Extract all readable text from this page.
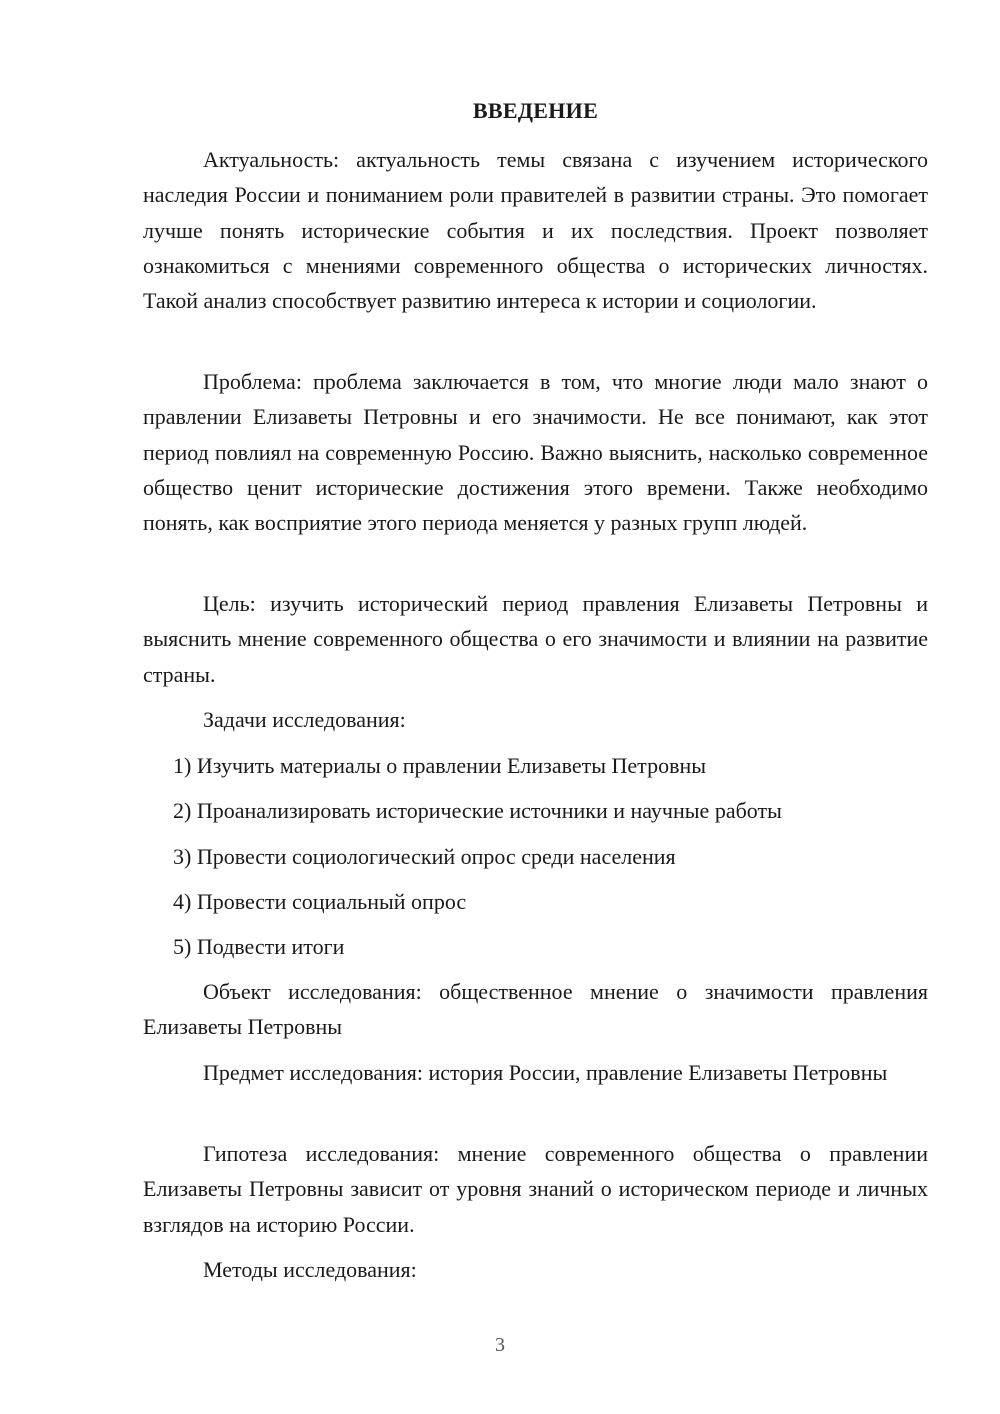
ВВЕДЕНИЕ

Актуальность: актуальность темы связана с изучением исторического наследия России и пониманием роли правителей в развитии страны. Это помогает лучше понять исторические события и их последствия. Проект позволяет ознакомиться с мнениями современного общества о исторических личностях. Такой анализ способствует развитию интереса к истории и социологии.

Проблема: проблема заключается в том, что многие люди мало знают о правлении Елизаветы Петровны и его значимости. Не все понимают, как этот период повлиял на современную Россию. Важно выяснить, насколько современное общество ценит исторические достижения этого времени. Также необходимо понять, как восприятие этого периода меняется у разных групп людей.

Цель: изучить исторический период правления Елизаветы Петровны и выяснить мнение современного общества о его значимости и влиянии на развитие страны.

Задачи исследования:

1) Изучить материалы о правлении Елизаветы Петровны
2) Проанализировать исторические источники и научные работы
3) Провести социологический опрос среди населения
4) Провести социальный опрос
5) Подвести итоги

Объект исследования: общественное мнение о значимости правления Елизаветы Петровны

Предмет исследования: история России, правление Елизаветы Петровны

Гипотеза исследования: мнение современного общества о правлении Елизаветы Петровны зависит от уровня знаний о историческом периоде и личных взглядов на историю России.

Методы исследования:

3
